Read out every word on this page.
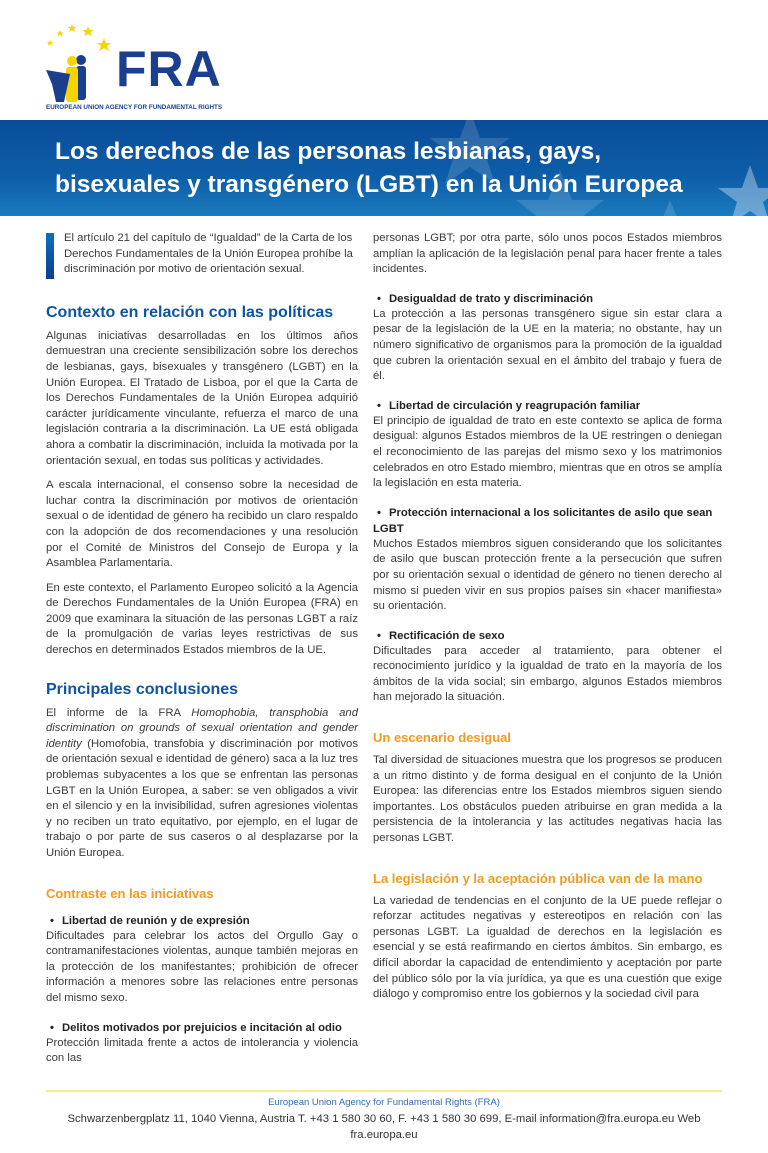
FRA
EUROPEAN UNION AGENCY FOR FUNDAMENTAL RIGHTS
Los derechos de las personas lesbianas, gays,
bisexuales y transgénero (LGBT) en la Unión Europea

El artículo 21 del capítulo de “Igualdad” de la Carta de los Derechos Fundamentales de la Unión Europea prohíbe la discriminación por motivo de orientación sexual.

Contexto en relación con las políticas

Algunas iniciativas desarrolladas en los últimos años demuestran una creciente sensibilización sobre los derechos de lesbianas, gays, bisexuales y transgénero (LGBT) en la Unión Europea. El Tratado de Lisboa, por el que la Carta de los Derechos Fundamentales de la Unión Europea adquirió carácter jurídicamente vinculante, refuerza el marco de una legislación contraria a la discriminación. La UE está obligada ahora a combatir la discriminación, incluida la motivada por la orientación sexual, en todas sus políticas y actividades.

A escala internacional, el consenso sobre la necesidad de luchar contra la discriminación por motivos de orientación sexual o de identidad de género ha recibido un claro respaldo con la adopción de dos recomendaciones y una resolución por el Comité de Ministros del Consejo de Europa y la Asamblea Parlamentaria.

En este contexto, el Parlamento Europeo solicitó a la Agencia de Derechos Fundamentales de la Unión Europea (FRA) en 2009 que examinara la situación de las personas LGBT a raíz de la promulgación de varias leyes restrictivas de sus derechos en determinados Estados miembros de la UE.

Principales conclusiones

El informe de la FRA Homophobia, transphobia and discrimination on grounds of sexual orientation and gender identity (Homofobia, transfobia y discriminación por motivos de orientación sexual e identidad de género) saca a la luz tres problemas subyacentes a los que se enfrentan las personas LGBT en la Unión Europea, a saber: se ven obligados a vivir en el silencio y en la invisibilidad, sufren agresiones violentas y no reciben un trato equitativo, por ejemplo, en el lugar de trabajo o por parte de sus caseros o al desplazarse por la Unión Europea.

Contraste en las iniciativas
• Libertad de reunión y de expresión

Dificultades para celebrar los actos del Orgullo Gay o contramanifestaciones violentas, aunque también mejoras en la protección de los manifestantes; prohibición de ofrecer información a menores sobre las relaciones entre personas del mismo sexo.

• Delitos motivados por prejuicios e incitación al odio

Protección limitada frente a actos de intolerancia y violencia con las

personas LGBT; por otra parte, sólo unos pocos Estados miembros amplían la aplicación de la legislación penal para hacer frente a tales incidentes.

• Desigualdad de trato y discriminación

La protección a las personas transgénero sigue sin estar clara a pesar de la legislación de la UE en la materia; no obstante, hay un número significativo de organismos para la promoción de la igualdad que cubren la orientación sexual en el ámbito del trabajo y fuera de él.

• Libertad de circulación y reagrupación familiar

El principio de igualdad de trato en este contexto se aplica de forma desigual: algunos Estados miembros de la UE restringen o deniegan el reconocimiento de las parejas del mismo sexo y los matrimonios celebrados en otro Estado miembro, mientras que en otros se amplía la legislación en esta materia.

• Protección internacional a los solicitantes de asilo que sean LGBT

Muchos Estados miembros siguen considerando que los solicitantes de asilo que buscan protección frente a la persecución que sufren por su orientación sexual o identidad de género no tienen derecho al mismo si pueden vivir en sus propios países sin «hacer manifiesta» su orientación.

• Rectificación de sexo

Dificultades para acceder al tratamiento, para obtener el reconocimiento jurídico y la igualdad de trato en la mayoría de los ámbitos de la vida social; sin embargo, algunos Estados miembros han mejorado la situación.

Un escenario desigual

Tal diversidad de situaciones muestra que los progresos se producen a un ritmo distinto y de forma desigual en el conjunto de la Unión Europea: las diferencias entre los Estados miembros siguen siendo importantes. Los obstáculos pueden atribuirse en gran medida a la persistencia de la intolerancia y las actitudes negativas hacia las personas LGBT.

La legislación y la aceptación pública van de la mano

La variedad de tendencias en el conjunto de la UE puede reflejar o reforzar actitudes negativas y estereotipos en relación con las personas LGBT. La igualdad de derechos en la legislación es esencial y se está reafirmando en ciertos ámbitos. Sin embargo, es difícil abordar la capacidad de entendimiento y aceptación por parte del público sólo por la vía jurídica, ya que es una cuestión que exige diálogo y compromiso entre los gobiernos y la sociedad civil para

European Union Agency for Fundamental Rights (FRA)
Schwarzenbergplatz 11, 1040 Vienna, Austria T. +43 1 580 30 60, F. +43 1 580 30 699, E-mail information@fra.europa.eu Web fra.europa.eu
